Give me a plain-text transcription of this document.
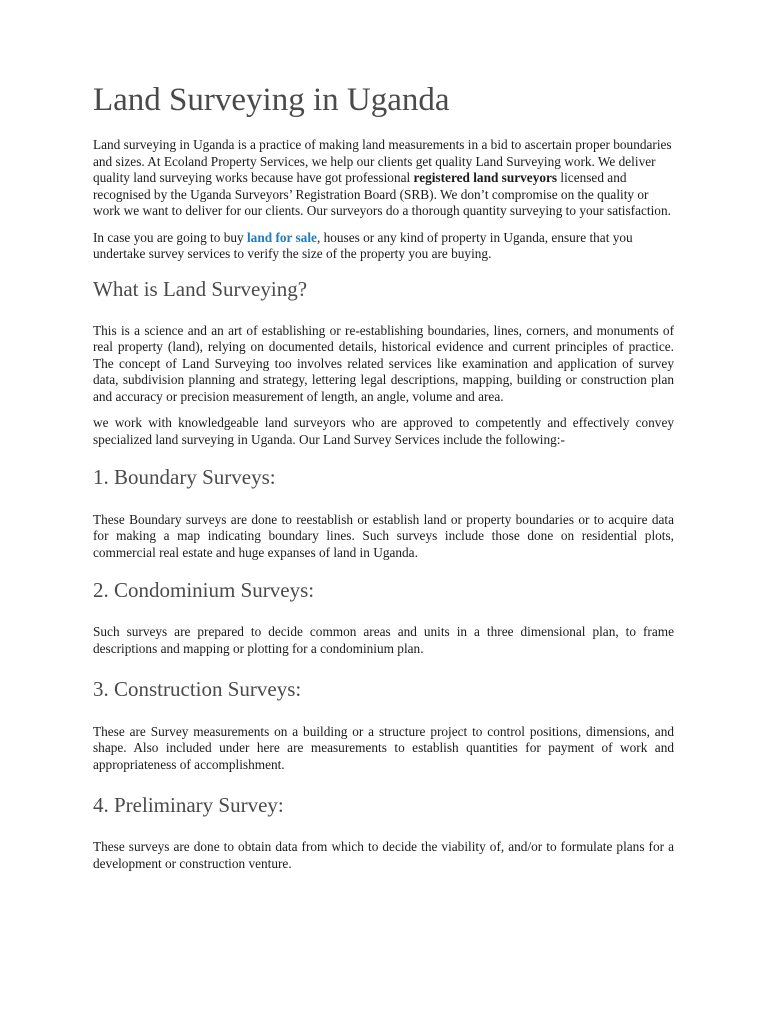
Land Surveying in Uganda

Land surveying in Uganda is a practice of making land measurements in a bid to ascertain proper boundaries and sizes. At Ecoland Property Services, we help our clients get quality Land Surveying work. We deliver quality land surveying works because have got professional registered land surveyors licensed and recognised by the Uganda Surveyors’ Registration Board (SRB). We don’t compromise on the quality or work we want to deliver for our clients. Our surveyors do a thorough quantity surveying to your satisfaction.

In case you are going to buy land for sale, houses or any kind of property in Uganda, ensure that you undertake survey services to verify the size of the property you are buying.

What is Land Surveying?

This is a science and an art of establishing or re-establishing boundaries, lines, corners, and monuments of real property (land), relying on documented details, historical evidence and current principles of practice. The concept of Land Surveying too involves related services like examination and application of survey data, subdivision planning and strategy, lettering legal descriptions, mapping, building or construction plan and accuracy or precision measurement of length, an angle, volume and area.

we work with knowledgeable land surveyors who are approved to competently and effectively convey specialized land surveying in Uganda. Our Land Survey Services include the following:-

1. Boundary Surveys:

These Boundary surveys are done to reestablish or establish land or property boundaries or to acquire data for making a map indicating boundary lines. Such surveys include those done on residential plots, commercial real estate and huge expanses of land in Uganda.

2. Condominium Surveys:

Such surveys are prepared to decide common areas and units in a three dimensional plan, to frame descriptions and mapping or plotting for a condominium plan.

3. Construction Surveys:

These are Survey measurements on a building or a structure project to control positions, dimensions, and shape. Also included under here are measurements to establish quantities for payment of work and appropriateness of accomplishment.

4. Preliminary Survey:

These surveys are done to obtain data from which to decide the viability of, and/or to formulate plans for a development or construction venture.
